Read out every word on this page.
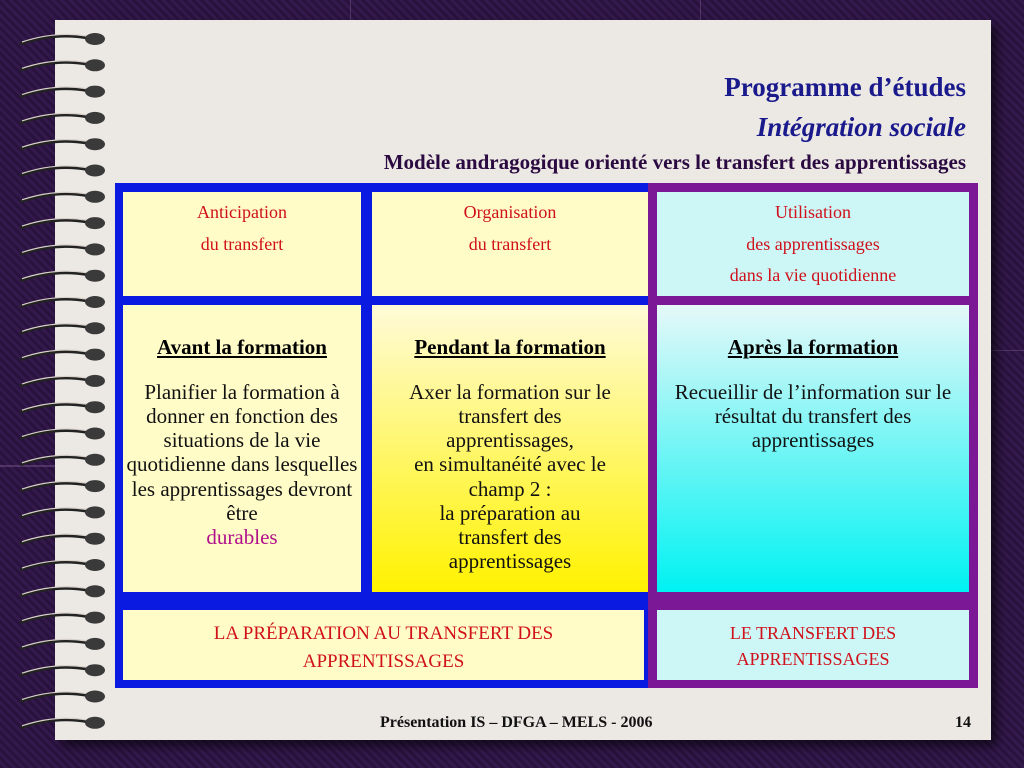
Programme d’études
Intégration sociale
Modèle andragogique orienté vers le transfert des apprentissages
Anticipation
du transfert
Organisation
du transfert
Utilisation
des apprentissages
dans la vie quotidienne
Avant la formation
Planifier la formation à donner en fonction des situations de la vie quotidienne dans lesquelles les apprentissages devront être
durables
Pendant la formation
Axer la formation sur le transfert des apprentissages,
en simultanéité avec le champ 2 :
la préparation au transfert des apprentissages
Après la formation
Recueillir de l’information sur le résultat du transfert des apprentissages
LA PRÉPARATION AU TRANSFERT DES APPRENTISSAGES
LE TRANSFERT DES APPRENTISSAGES
Présentation IS – DFGA – MELS - 2006	14
